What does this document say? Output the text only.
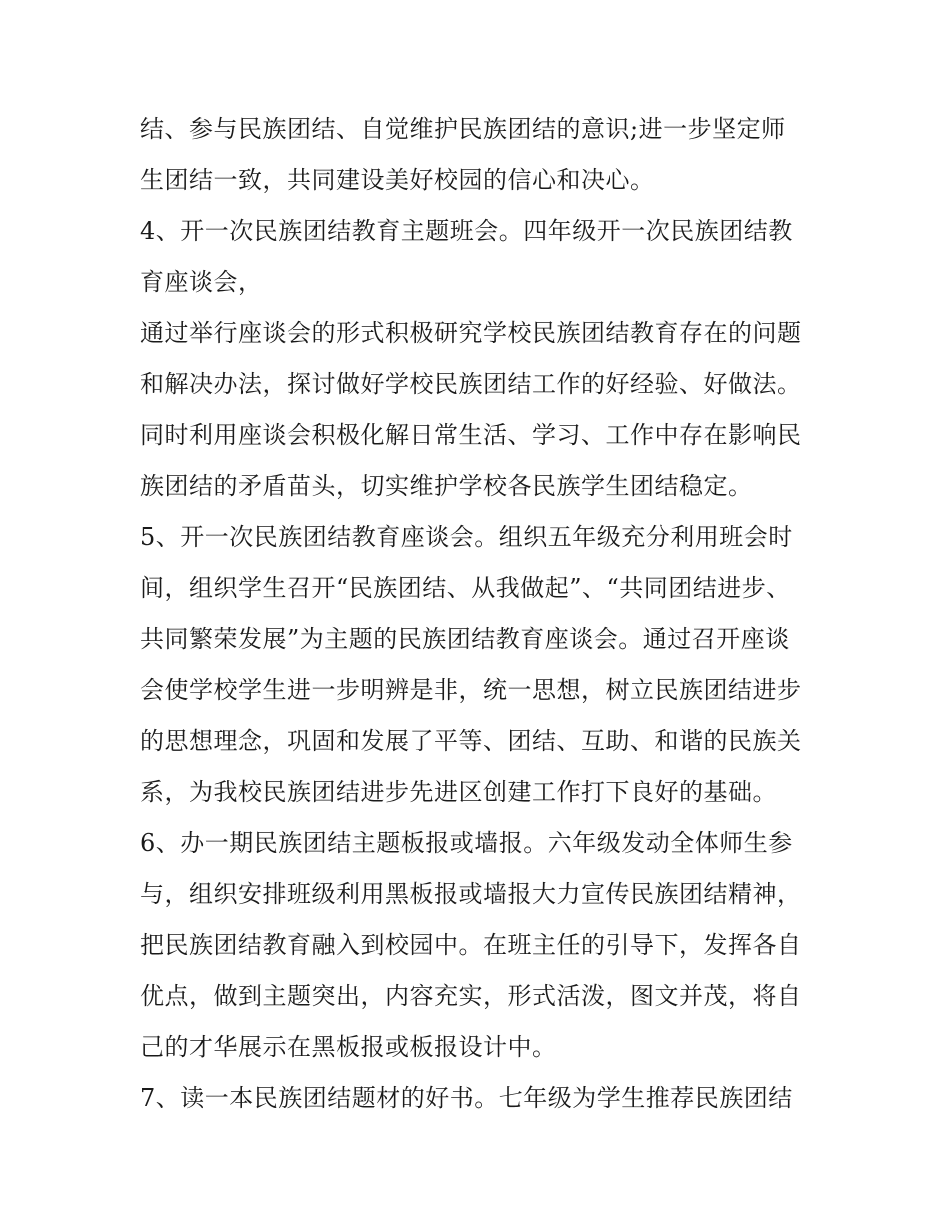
结、参与民族团结、自觉维护民族团结的意识;进一步坚定师
生团结一致，共同建设美好校园的信心和决心。
4、开一次民族团结教育主题班会。四年级开一次民族团结教
育座谈会，
通过举行座谈会的形式积极研究学校民族团结教育存在的问题
和解决办法，探讨做好学校民族团结工作的好经验、好做法。
同时利用座谈会积极化解日常生活、学习、工作中存在影响民
族团结的矛盾苗头，切实维护学校各民族学生团结稳定。
5、开一次民族团结教育座谈会。组织五年级充分利用班会时
间，组织学生召开“民族团结、从我做起”、“共同团结进步、
共同繁荣发展”为主题的民族团结教育座谈会。通过召开座谈
会使学校学生进一步明辨是非，统一思想，树立民族团结进步
的思想理念，巩固和发展了平等、团结、互助、和谐的民族关
系，为我校民族团结进步先进区创建工作打下良好的基础。
6、办一期民族团结主题板报或墙报。六年级发动全体师生参
与，组织安排班级利用黑板报或墙报大力宣传民族团结精神，
把民族团结教育融入到校园中。在班主任的引导下，发挥各自
优点，做到主题突出，内容充实，形式活泼，图文并茂，将自
己的才华展示在黑板报或板报设计中。
7、读一本民族团结题材的好书。七年级为学生推荐民族团结
